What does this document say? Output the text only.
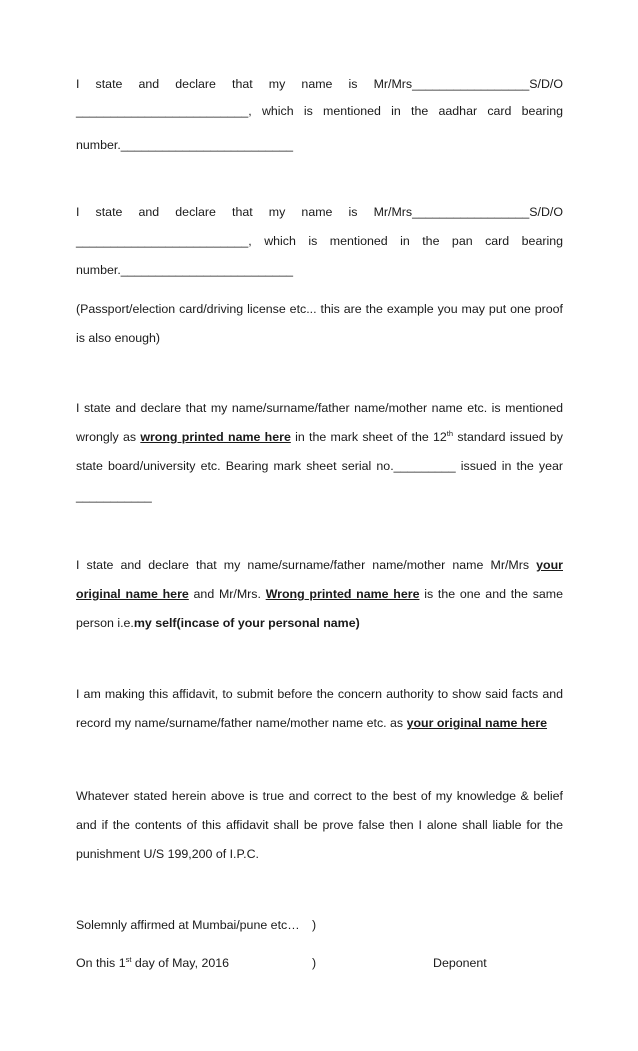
I state and declare that my name is Mr/Mrs_________________S/D/O
_________________________, which is mentioned in the aadhar card bearing
number._________________________
I state and declare that my name is Mr/Mrs_________________S/D/O
_________________________, which is mentioned in the pan card bearing
number._________________________
(Passport/election card/driving license etc... this are the example you may put one proof
is also enough)
I state and declare that my name/surname/father name/mother name etc. is mentioned
wrongly as wrong printed name here in the mark sheet of the 12th standard issued by
state board/university etc. Bearing mark sheet serial no._________ issued in the year
___________
I state and declare that my name/surname/father name/mother name Mr/Mrs your
original name here and Mr/Mrs. Wrong printed name here is the one and the same
person i.e.my self(incase of your personal name)
I am making this affidavit, to submit before the concern authority to show said facts and
record my name/surname/father name/mother name etc. as your original name here
Whatever stated herein above is true and correct to the best of my knowledge & belief
and if the contents of this affidavit shall be prove false then I alone shall liable for the
punishment U/S 199,200 of I.P.C.
Solemnly affirmed at Mumbai/pune etc… )
On this 1st day of May, 2016	)	Deponent
